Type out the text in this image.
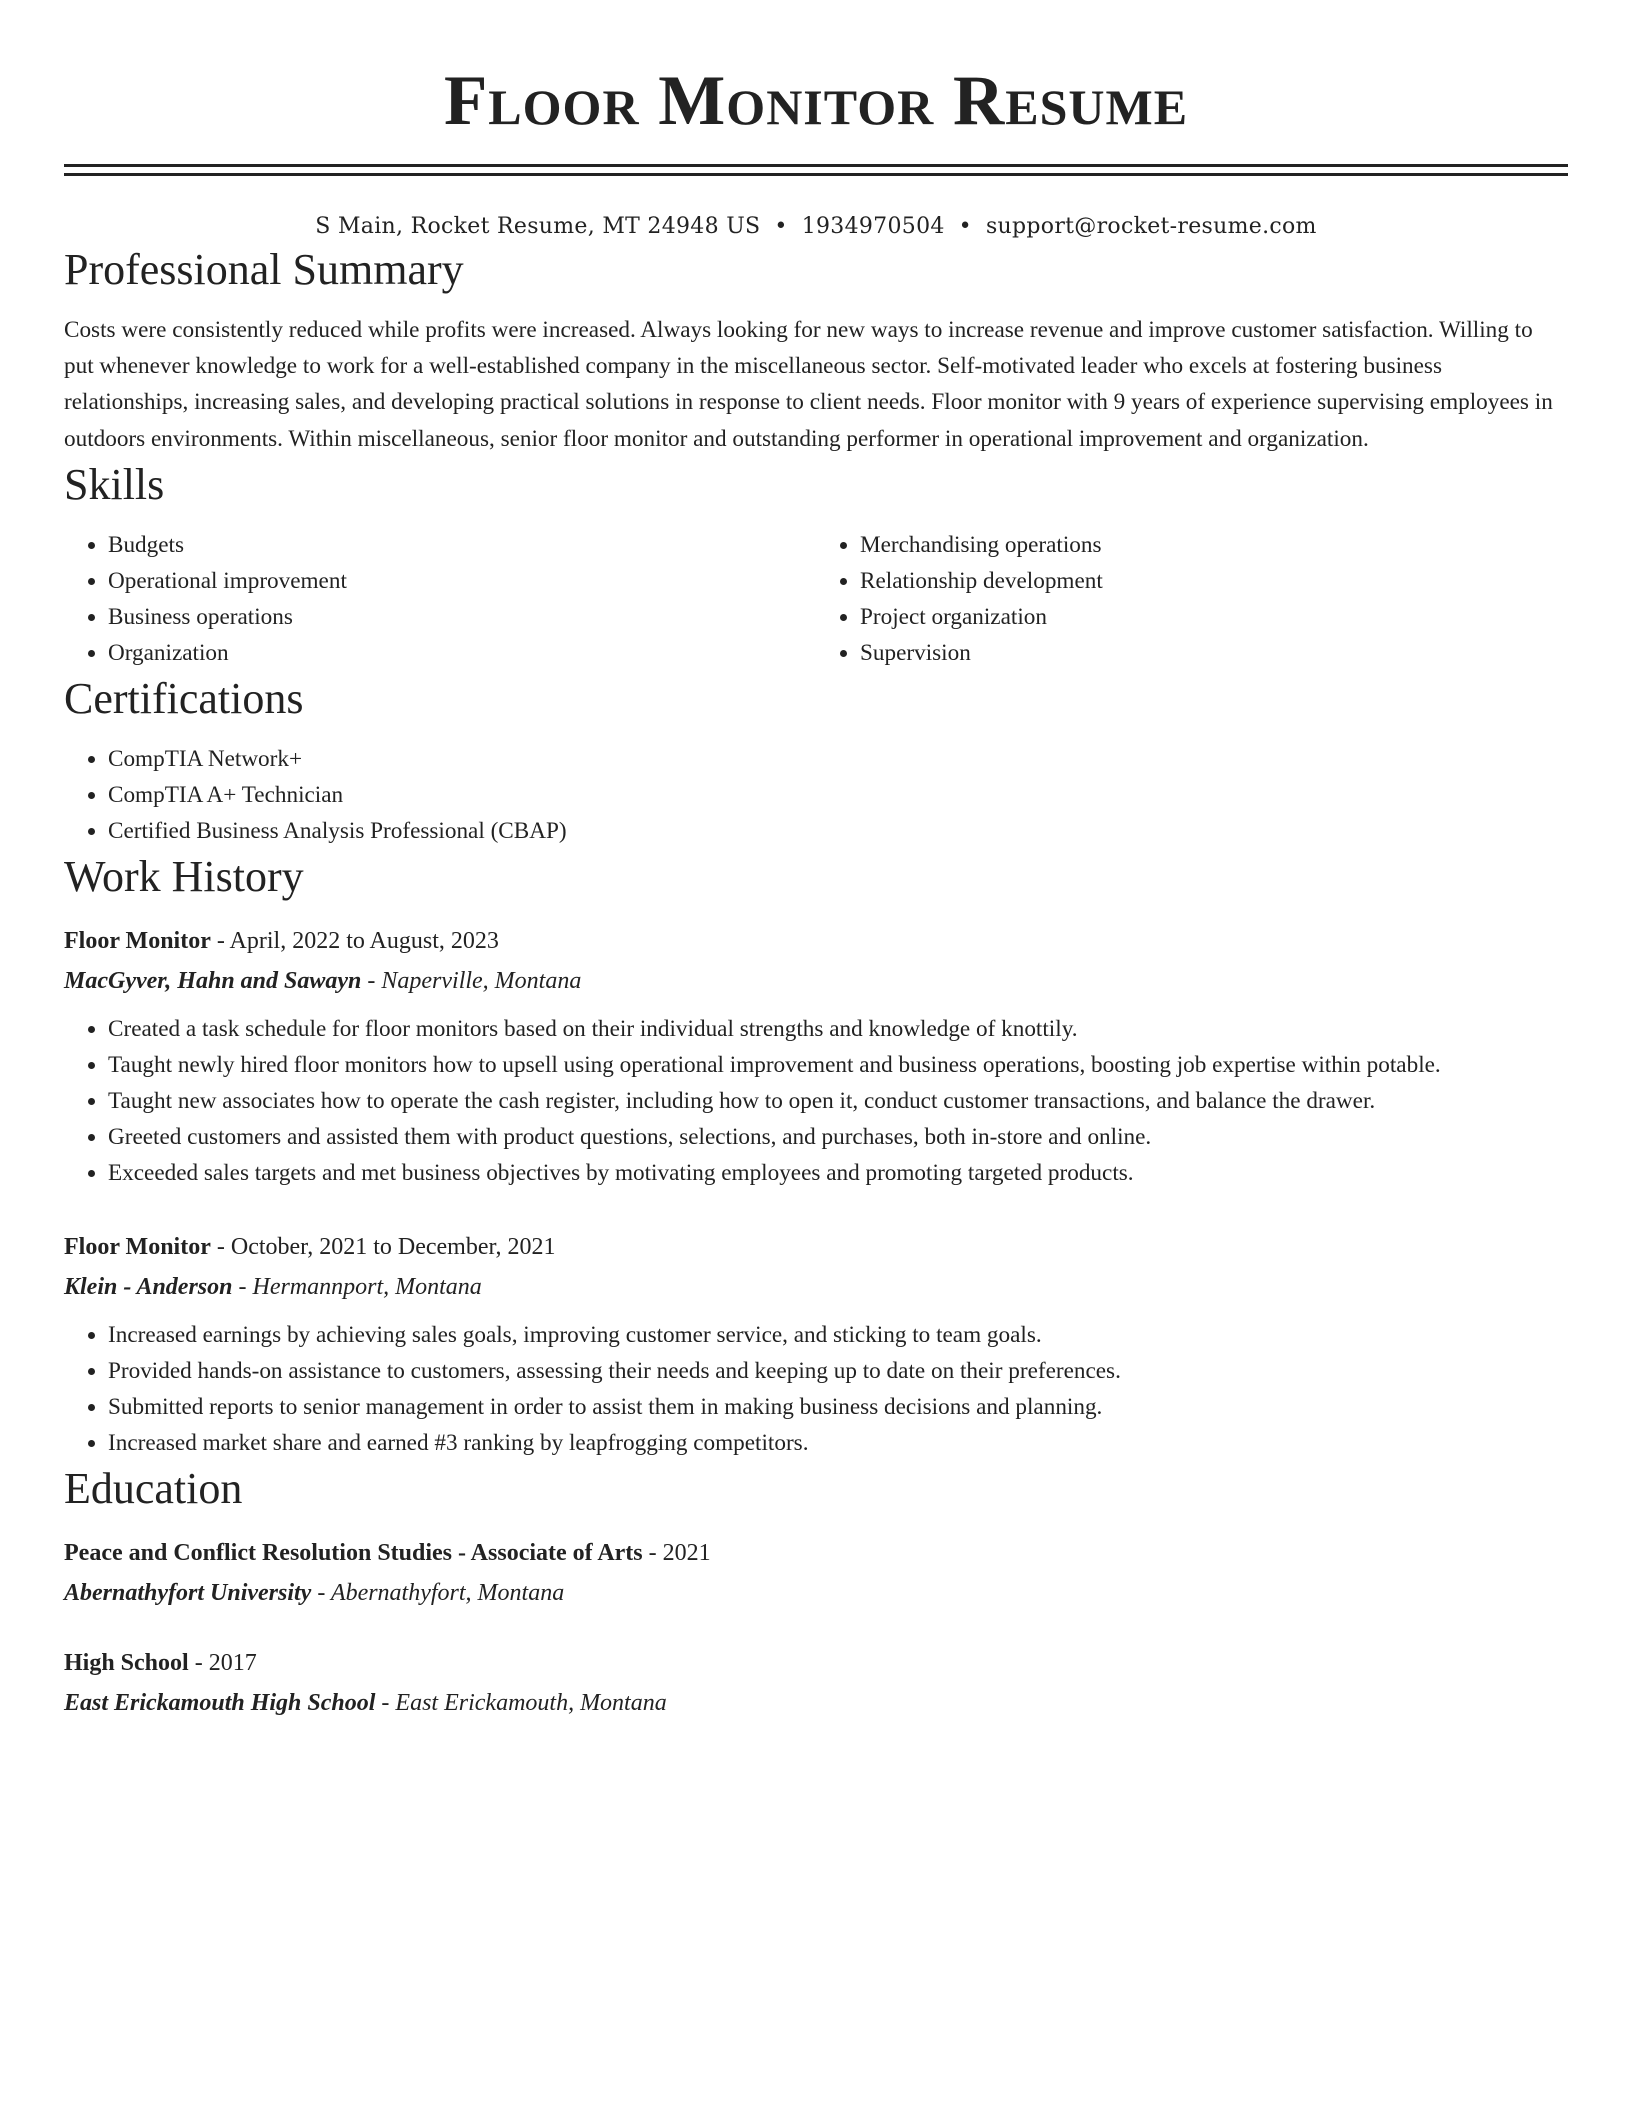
Floor Monitor Resume
S Main, Rocket Resume, MT 24948 US • 1934970504 • support@rocket-resume.com
Professional Summary

Costs were consistently reduced while profits were increased. Always looking for new ways to increase revenue and improve customer satisfaction. Willing to put whenever knowledge to work for a well-established company in the miscellaneous sector. Self-motivated leader who excels at fostering business relationships, increasing sales, and developing practical solutions in response to client needs. Floor monitor with 9 years of experience supervising employees in outdoors environments. Within miscellaneous, senior floor monitor and outstanding performer in operational improvement and organization.

Skills
• Budgets
• Operational improvement
• Business operations
• Organization
• Merchandising operations
• Relationship development
• Project organization
• Supervision
Certifications
• CompTIA Network+
• CompTIA A+ Technician
• Certified Business Analysis Professional (CBAP)
Work History
Floor Monitor - April, 2022 to August, 2023
MacGyver, Hahn and Sawayn - Naperville, Montana
• Created a task schedule for floor monitors based on their individual strengths and knowledge of knottily.
• Taught newly hired floor monitors how to upsell using operational improvement and business operations, boosting job expertise within potable.
• Taught new associates how to operate the cash register, including how to open it, conduct customer transactions, and balance the drawer.
• Greeted customers and assisted them with product questions, selections, and purchases, both in-store and online.
• Exceeded sales targets and met business objectives by motivating employees and promoting targeted products.
Floor Monitor - October, 2021 to December, 2021
Klein - Anderson - Hermannport, Montana
• Increased earnings by achieving sales goals, improving customer service, and sticking to team goals.
• Provided hands-on assistance to customers, assessing their needs and keeping up to date on their preferences.
• Submitted reports to senior management in order to assist them in making business decisions and planning.
• Increased market share and earned #3 ranking by leapfrogging competitors.
Education
Peace and Conflict Resolution Studies - Associate of Arts - 2021
Abernathyfort University - Abernathyfort, Montana
High School - 2017
East Erickamouth High School - East Erickamouth, Montana
